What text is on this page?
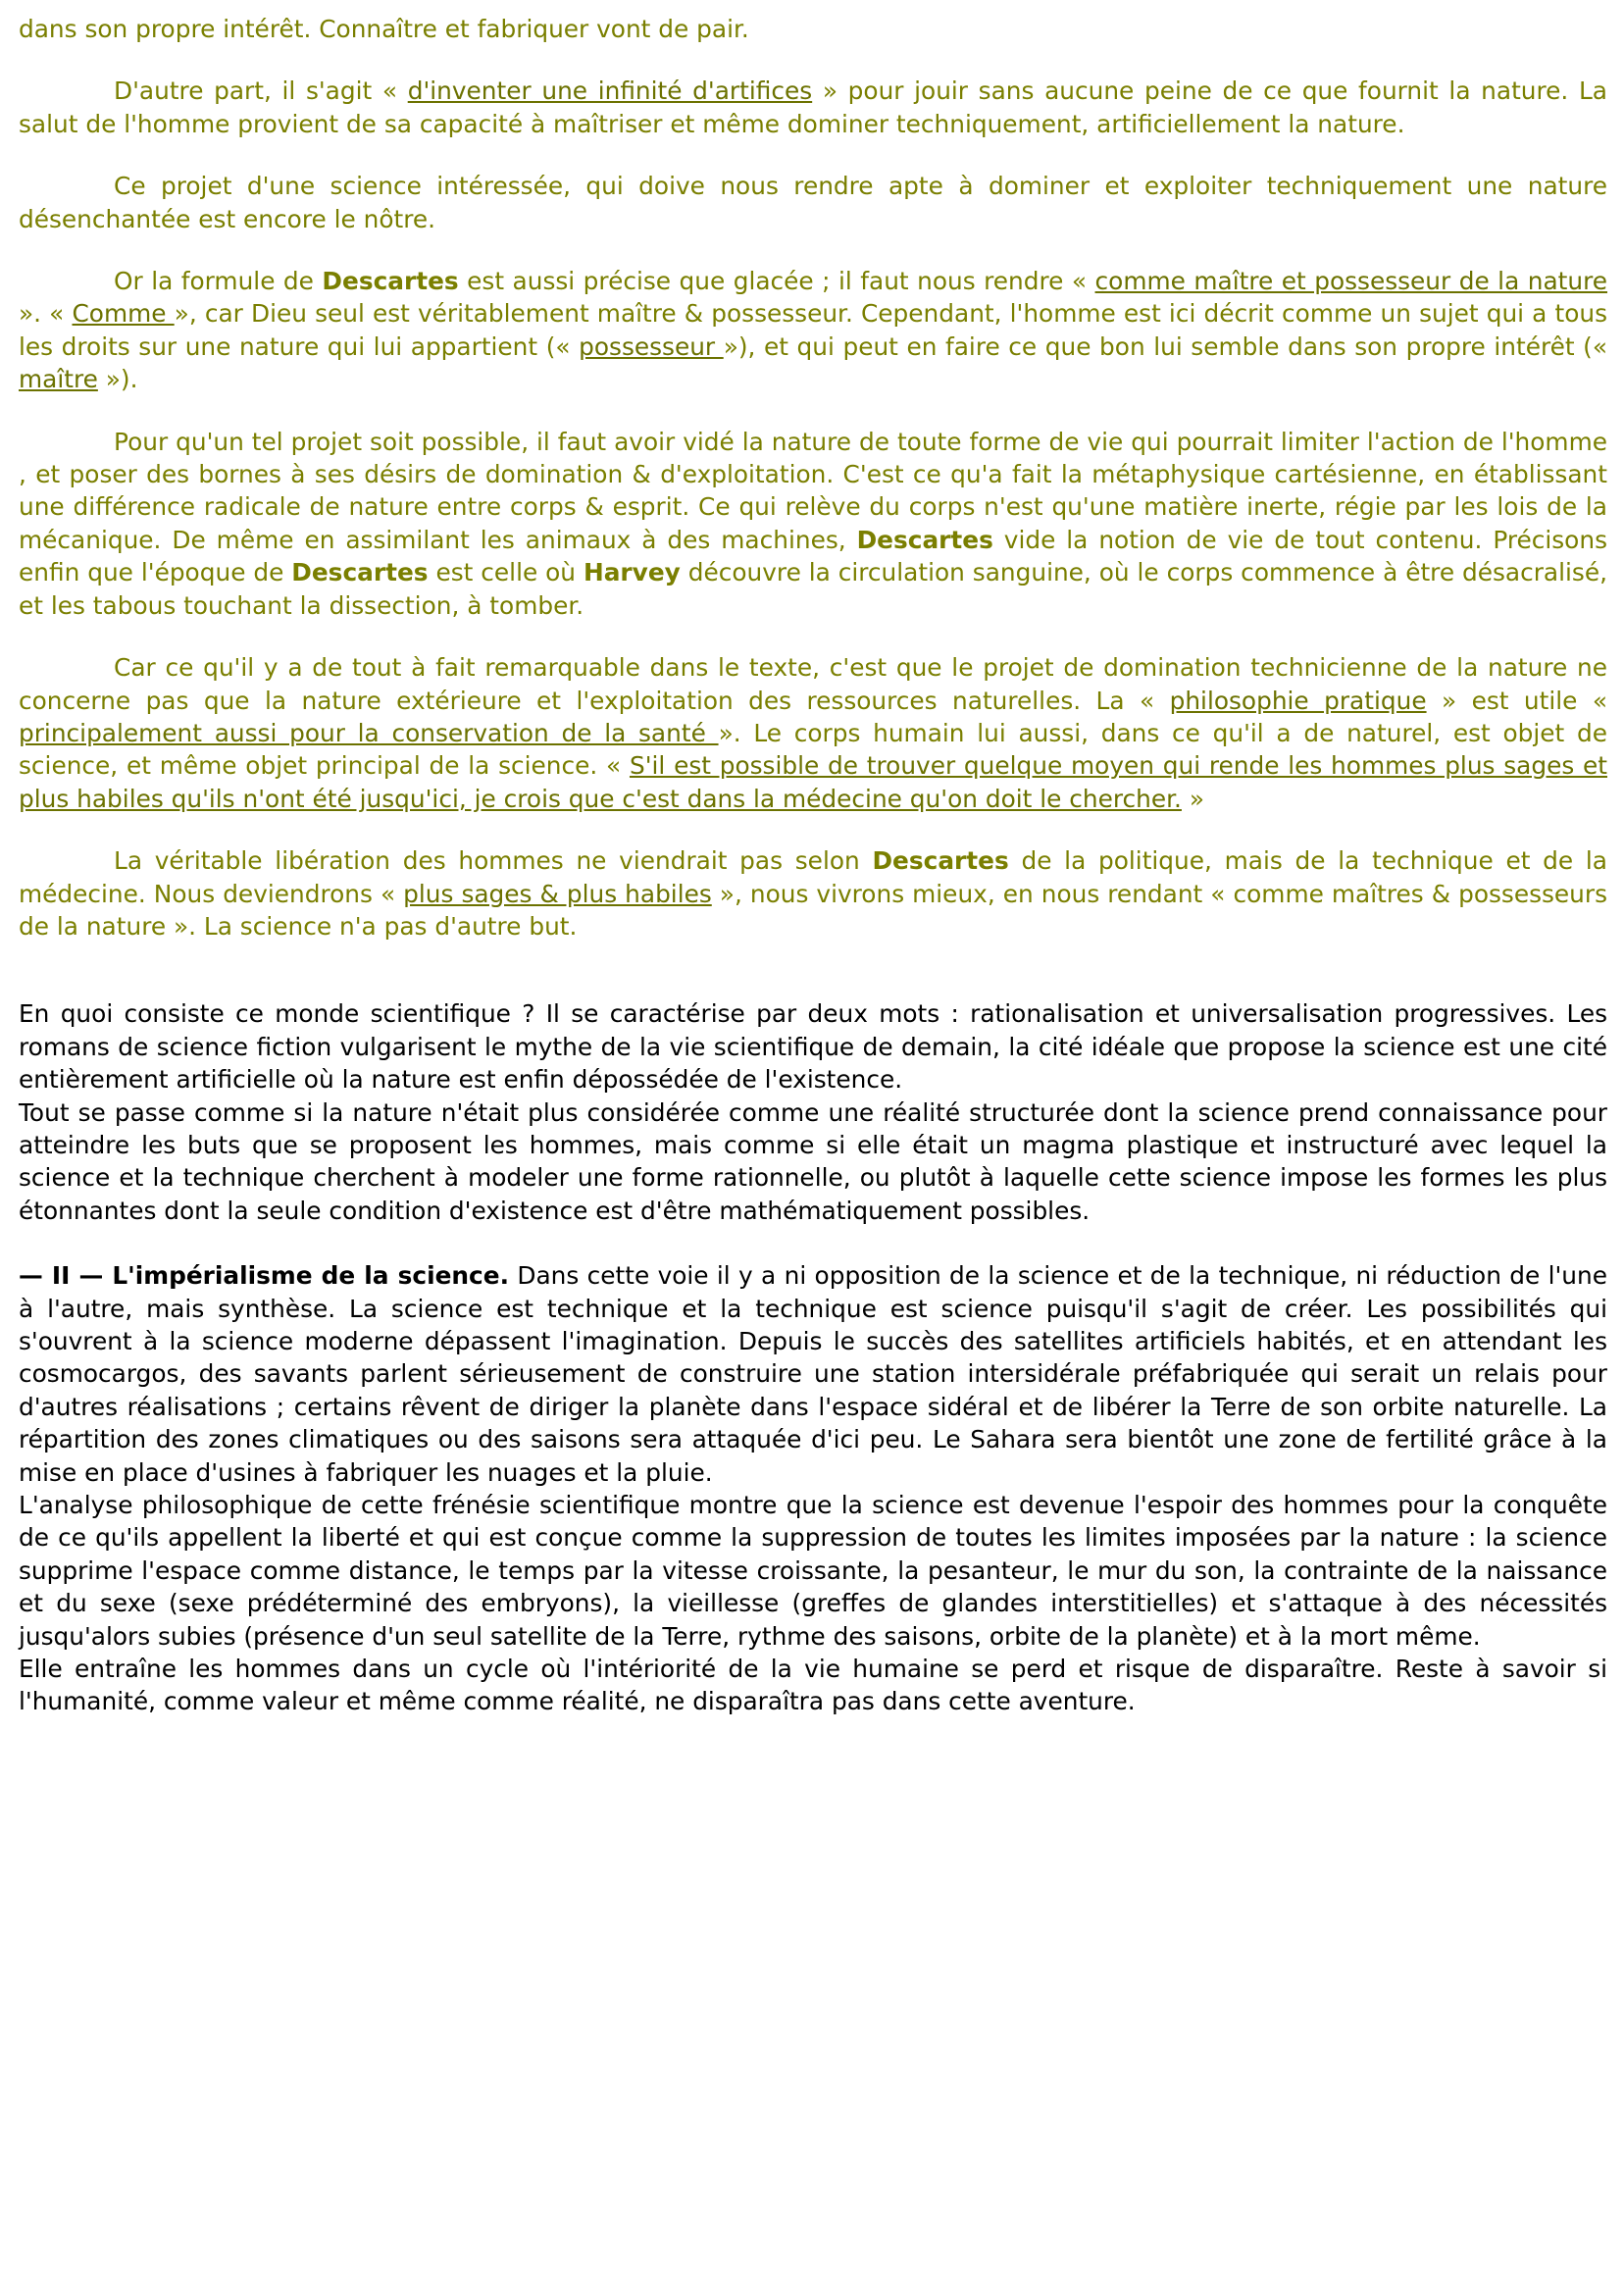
dans son propre intérêt. Connaître et fabriquer vont de pair.

D'autre part, il s'agit « d'inventer une infinité d'artifices » pour jouir sans aucune peine de ce que fournit la nature. La salut de l'homme provient de sa capacité à maîtriser et même dominer techniquement, artificiellement la nature.

Ce projet d'une science intéressée, qui doive nous rendre apte à dominer et exploiter techniquement une nature désenchantée est encore le nôtre.

Or la formule de Descartes est aussi précise que glacée ; il faut nous rendre « comme maître et possesseur de la nature ». « Comme », car Dieu seul est véritablement maître & possesseur. Cependant, l'homme est ici décrit comme un sujet qui a tous les droits sur une nature qui lui appartient (« possesseur »), et qui peut en faire ce que bon lui semble dans son propre intérêt (« maître »).

Pour qu'un tel projet soit possible, il faut avoir vidé la nature de toute forme de vie qui pourrait limiter l'action de l'homme , et poser des bornes à ses désirs de domination & d'exploitation. C'est ce qu'a fait la métaphysique cartésienne, en établissant une différence radicale de nature entre corps & esprit. Ce qui relève du corps n'est qu'une matière inerte, régie par les lois de la mécanique. De même en assimilant les animaux à des machines, Descartes vide la notion de vie de tout contenu. Précisons enfin que l'époque de Descartes est celle où Harvey découvre la circulation sanguine, où le corps commence à être désacralisé, et les tabous touchant la dissection, à tomber.

Car ce qu'il y a de tout à fait remarquable dans le texte, c'est que le projet de domination technicienne de la nature ne concerne pas que la nature extérieure et l'exploitation des ressources naturelles. La « philosophie pratique » est utile « principalement aussi pour la conservation de la santé ». Le corps humain lui aussi, dans ce qu'il a de naturel, est objet de science, et même objet principal de la science. « S'il est possible de trouver quelque moyen qui rende les hommes plus sages et plus habiles qu'ils n'ont été jusqu'ici, je crois que c'est dans la médecine qu'on doit le chercher. »

La véritable libération des hommes ne viendrait pas selon Descartes de la politique, mais de la technique et de la médecine. Nous deviendrons « plus sages & plus habiles », nous vivrons mieux, en nous rendant « comme maîtres & possesseurs de la nature ». La science n'a pas d'autre but.

En quoi consiste ce monde scientifique ? Il se caractérise par deux mots : rationalisation et universalisation progressives. Les romans de science fiction vulgarisent le mythe de la vie scientifique de demain, la cité idéale que propose la science est une cité entièrement artificielle où la nature est enfin dépossédée de l'existence.

Tout se passe comme si la nature n'était plus considérée comme une réalité structurée dont la science prend connaissance pour atteindre les buts que se proposent les hommes, mais comme si elle était un magma plastique et instructuré avec lequel la science et la technique cherchent à modeler une forme rationnelle, ou plutôt à laquelle cette science impose les formes les plus étonnantes dont la seule condition d'existence est d'être mathématiquement possibles.

— II — L'impérialisme de la science. Dans cette voie il y a ni opposition de la science et de la technique, ni réduction de l'une à l'autre, mais synthèse. La science est technique et la technique est science puisqu'il s'agit de créer. Les possibilités qui s'ouvrent à la science moderne dépassent l'imagination. Depuis le succès des satellites artificiels habités, et en attendant les cosmocargos, des savants parlent sérieusement de construire une station intersidérale préfabriquée qui serait un relais pour d'autres réalisations ; certains rêvent de diriger la planète dans l'espace sidéral et de libérer la Terre de son orbite naturelle. La répartition des zones climatiques ou des saisons sera attaquée d'ici peu. Le Sahara sera bientôt une zone de fertilité grâce à la mise en place d'usines à fabriquer les nuages et la pluie.

L'analyse philosophique de cette frénésie scientifique montre que la science est devenue l'espoir des hommes pour la conquête de ce qu'ils appellent la liberté et qui est conçue comme la suppression de toutes les limites imposées par la nature : la science supprime l'espace comme distance, le temps par la vitesse croissante, la pesanteur, le mur du son, la contrainte de la naissance et du sexe (sexe prédéterminé des embryons), la vieillesse (greffes de glandes interstitielles) et s'attaque à des nécessités jusqu'alors subies (présence d'un seul satellite de la Terre, rythme des saisons, orbite de la planète) et à la mort même.

Elle entraîne les hommes dans un cycle où l'intériorité de la vie humaine se perd et risque de disparaître. Reste à savoir si l'humanité, comme valeur et même comme réalité, ne disparaîtra pas dans cette aventure.
